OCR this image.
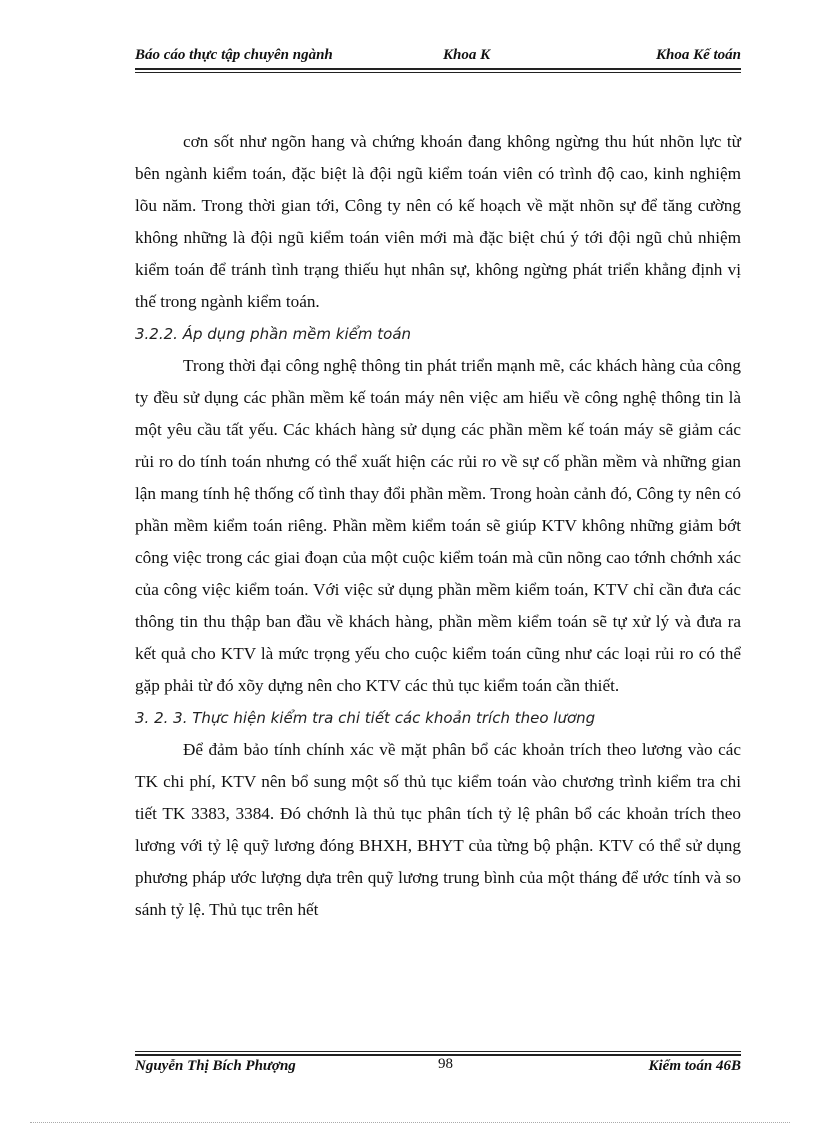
Báo cáo thực tập chuyên ngành	Khoa K	Khoa Kế toán

cơn sốt như ngõn hang và chứng khoán đang không ngừng thu hút nhõn lực từ bên ngành kiểm toán, đặc biệt là đội ngũ kiểm toán viên có trình độ cao, kinh nghiệm lõu năm. Trong thời gian tới, Công ty nên có kế hoạch về mặt nhõn sự để tăng cường không những là đội ngũ kiểm toán viên mới mà đặc biệt chú ý tới đội ngũ chủ nhiệm kiểm toán để tránh tình trạng thiếu hụt nhân sự, không ngừng phát triển khẳng định vị thế trong ngành kiểm toán.

3.2.2. Áp dụng phần mềm kiểm toán

Trong thời đại công nghệ thông tin phát triển mạnh mẽ, các khách hàng của công ty đều sử dụng các phần mềm kế toán máy nên việc am hiểu về công nghệ thông tin là một yêu cầu tất yếu. Các khách hàng sử dụng các phần mềm kế toán máy sẽ giảm các rủi ro do tính toán nhưng có thể xuất hiện các rủi ro về sự cố phần mềm và những gian lận mang tính hệ thống cố tình thay đổi phần mềm. Trong hoàn cảnh đó, Công ty nên có phần mềm kiểm toán riêng. Phần mềm kiểm toán sẽ giúp KTV không những giảm bớt công việc trong các giai đoạn của một cuộc kiểm toán mà cũn nõng cao tớnh chớnh xác của công việc kiểm toán. Với việc sử dụng phần mềm kiểm toán, KTV chỉ cần đưa các thông tin thu thập ban đầu về khách hàng, phần mềm kiểm toán sẽ tự xử lý và đưa ra kết quả cho KTV là mức trọng yếu cho cuộc kiểm toán cũng như các loại rủi ro có thể gặp phải từ đó xõy dựng nên cho KTV các thủ tục kiểm toán cần thiết.

3. 2. 3. Thực hiện kiểm tra chi tiết các khoản trích theo lương

Để đảm bảo tính chính xác về mặt phân bổ các khoản trích theo lương vào các TK chi phí, KTV nên bổ sung một số thủ tục kiểm toán vào chương trình kiểm tra chi tiết TK 3383, 3384. Đó chớnh là thủ tục phân tích tỷ lệ phân bổ các khoản trích theo lương với tỷ lệ quỹ lương đóng BHXH, BHYT của từng bộ phận. KTV có thể sử dụng phương pháp ước lượng dựa trên quỹ lương trung bình của một tháng để ước tính và so sánh tỷ lệ. Thủ tục trên hết

Nguyễn Thị Bích Phượng	98	Kiểm toán 46B
